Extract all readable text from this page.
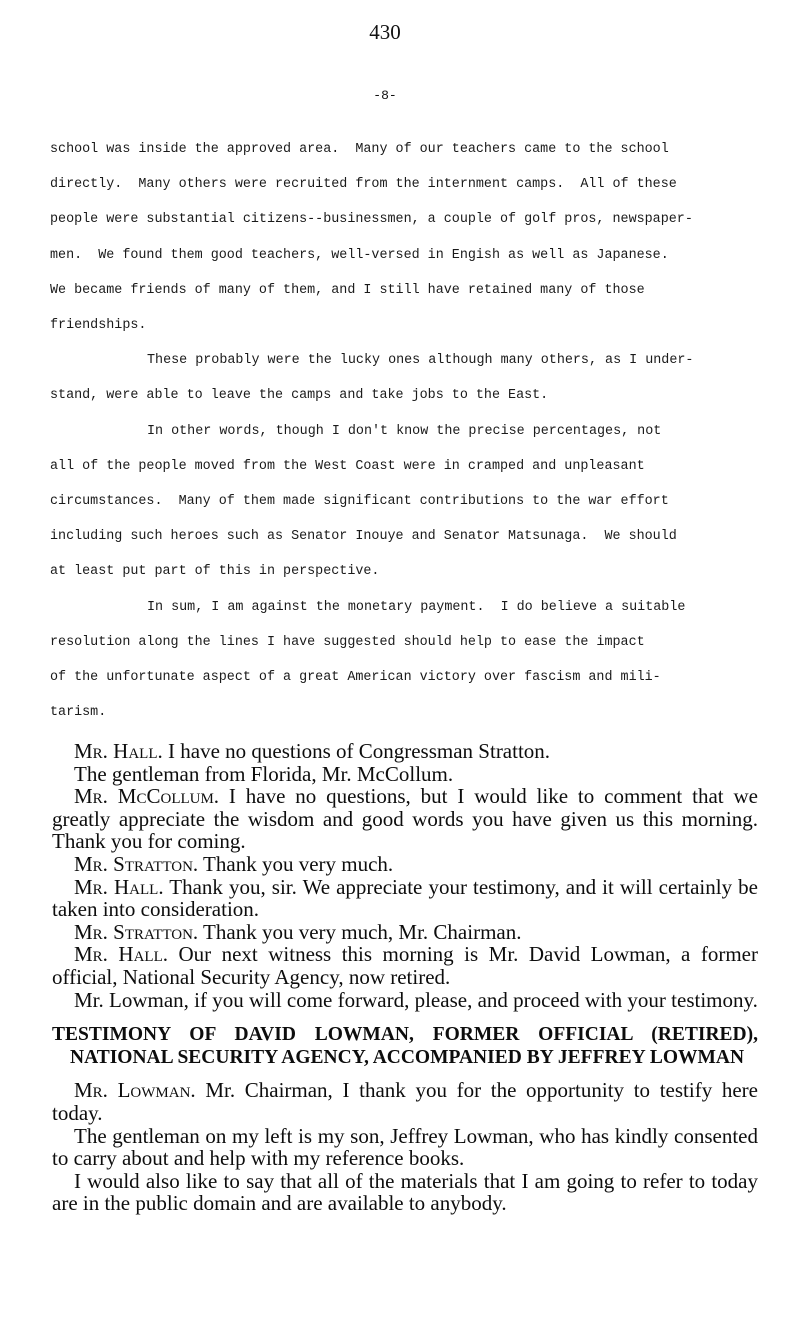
430
-8-
school was inside the approved area.  Many of our teachers came to the school
directly.  Many others were recruited from the internment camps.  All of these
people were substantial citizens--businessmen, a couple of golf pros, newspaper-
men.  We found them good teachers, well-versed in Engish as well as Japanese.
We became friends of many of them, and I still have retained many of those
friendships.
These probably were the lucky ones although many others, as I under-
stand, were able to leave the camps and take jobs to the East.
In other words, though I don't know the precise percentages, not
all of the people moved from the West Coast were in cramped and unpleasant
circumstances.  Many of them made significant contributions to the war effort
including such heroes such as Senator Inouye and Senator Matsunaga.  We should
at least put part of this in perspective.
In sum, I am against the monetary payment.  I do believe a suitable
resolution along the lines I have suggested should help to ease the impact
of the unfortunate aspect of a great American victory over fascism and mili-
tarism.

Mr. Hall. I have no questions of Congressman Stratton.

The gentleman from Florida, Mr. McCollum.

Mr. McCollum. I have no questions, but I would like to comment that we greatly appreciate the wisdom and good words you have given us this morning. Thank you for coming.

Mr. Stratton. Thank you very much.

Mr. Hall. Thank you, sir. We appreciate your testimony, and it will certainly be taken into consideration.

Mr. Stratton. Thank you very much, Mr. Chairman.

Mr. Hall. Our next witness this morning is Mr. David Lowman, a former official, National Security Agency, now retired.

Mr. Lowman, if you will come forward, please, and proceed with your testimony.

TESTIMONY OF DAVID LOWMAN, FORMER OFFICIAL (RETIRED), NATIONAL SECURITY AGENCY, ACCOMPANIED BY JEFFREY LOWMAN

Mr. Lowman. Mr. Chairman, I thank you for the opportunity to testify here today.

The gentleman on my left is my son, Jeffrey Lowman, who has kindly consented to carry about and help with my reference books.

I would also like to say that all of the materials that I am going to refer to today are in the public domain and are available to anybody.
